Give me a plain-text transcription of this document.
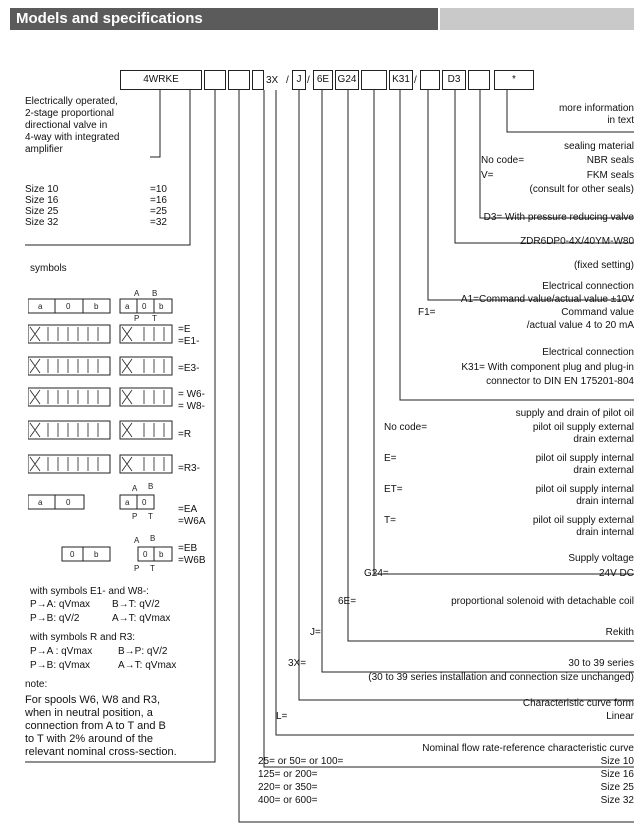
Models and specifications
4WRKE	3X / J / 6E G24	K31 /	D3	*
Electrically operated,
2-stage proportional
directional valve in
4-way with integrated
amplifier
Size 10	=10
Size 16	=16
Size 25	=25
Size 32	=32
symbols
a	0	b	a 0 b
A B
P T
a	0	a 0
A B
P T
0 b	0 b
A B
P T
=E
=E1-
=E3-
= W6-
= W8-
=R
=R3-
=EA
=W6A
=EB
=W6B
with symbols E1- and W8-:
P→A: qVmax B→T: qV/2
P→B: qV/2	A→T: qVmax
with symbols R and R3:
P→A : qVmax	B→P: qV/2
P→B: qVmax	A→T: qVmax
note:
For spools W6, W8 and R3,
when in neutral position, a
connection from A to T and B
to T with 2% around of the
relevant nominal cross-section.
more information
in text
sealing material
No code=	NBR seals
V=	FKM seals
(consult for other seals)
D3= With pressure reducing valve
ZDR6DP0-4X/40YM-W80
(fixed setting)
Electrical connection
A1=Command value/actual value ±10V
F1=	Command value
/actual value 4 to 20 mA
Electrical connection
K31= With component plug and plug-in
connector to DIN EN 175201-804
supply and drain of pilot oil
No code=	pilot oil supply external
drain external
E=	pilot oil supply internal
drain external
ET=	pilot oil supply internal
drain internal
T=	pilot oil supply external
drain internal
Supply voltage
G24=	24V DC
6E=	proportional solenoid with detachable coil
J=	Rekith
3X=	30 to 39 series
(30 to 39 series installation and connection size unchanged)
Characteristic curve form
L=	Linear
Nominal flow rate-reference characteristic curve
25= or 50= or 100=	Size 10
125= or 200=	Size 16
220= or 350=	Size 25
400= or 600=	Size 32
